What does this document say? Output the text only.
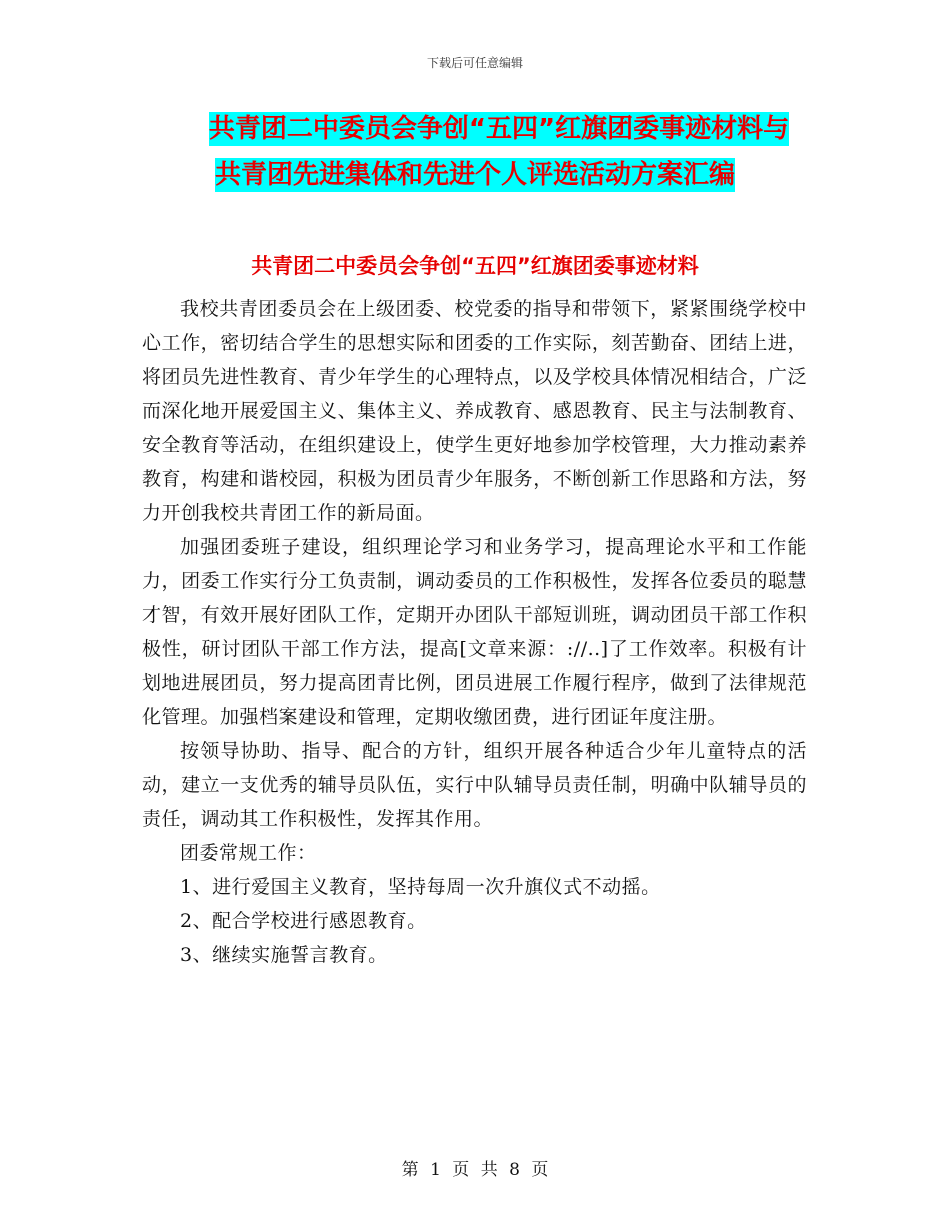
下载后可任意编辑
共青团二中委员会争创“五四”红旗团委事迹材料与
共青团先进集体和先进个人评选活动方案汇编
共青团二中委员会争创“五四”红旗团委事迹材料

我校共青团委员会在上级团委、校党委的指导和带领下，紧紧围绕学校中心工作，密切结合学生的思想实际和团委的工作实际，刻苦勤奋、团结上进，将团员先进性教育、青少年学生的心理特点，以及学校具体情况相结合，广泛而深化地开展爱国主义、集体主义、养成教育、感恩教育、民主与法制教育、安全教育等活动，在组织建设上，使学生更好地参加学校管理，大力推动素养教育，构建和谐校园，积极为团员青少年服务，不断创新工作思路和方法，努力开创我校共青团工作的新局面。

加强团委班子建设，组织理论学习和业务学习，提高理论水平和工作能力，团委工作实行分工负责制，调动委员的工作积极性，发挥各位委员的聪慧才智，有效开展好团队工作，定期开办团队干部短训班，调动团员干部工作积极性，研讨团队干部工作方法，提高[文章来源：://..]了工作效率。积极有计划地进展团员，努力提高团青比例，团员进展工作履行程序，做到了法律规范化管理。加强档案建设和管理，定期收缴团费，进行团证年度注册。

按领导协助、指导、配合的方针，组织开展各种适合少年儿童特点的活动，建立一支优秀的辅导员队伍，实行中队辅导员责任制，明确中队辅导员的责任，调动其工作积极性，发挥其作用。

团委常规工作：

1、进行爱国主义教育，坚持每周一次升旗仪式不动摇。

2、配合学校进行感恩教育。

3、继续实施誓言教育。

第 1 页 共 8 页
